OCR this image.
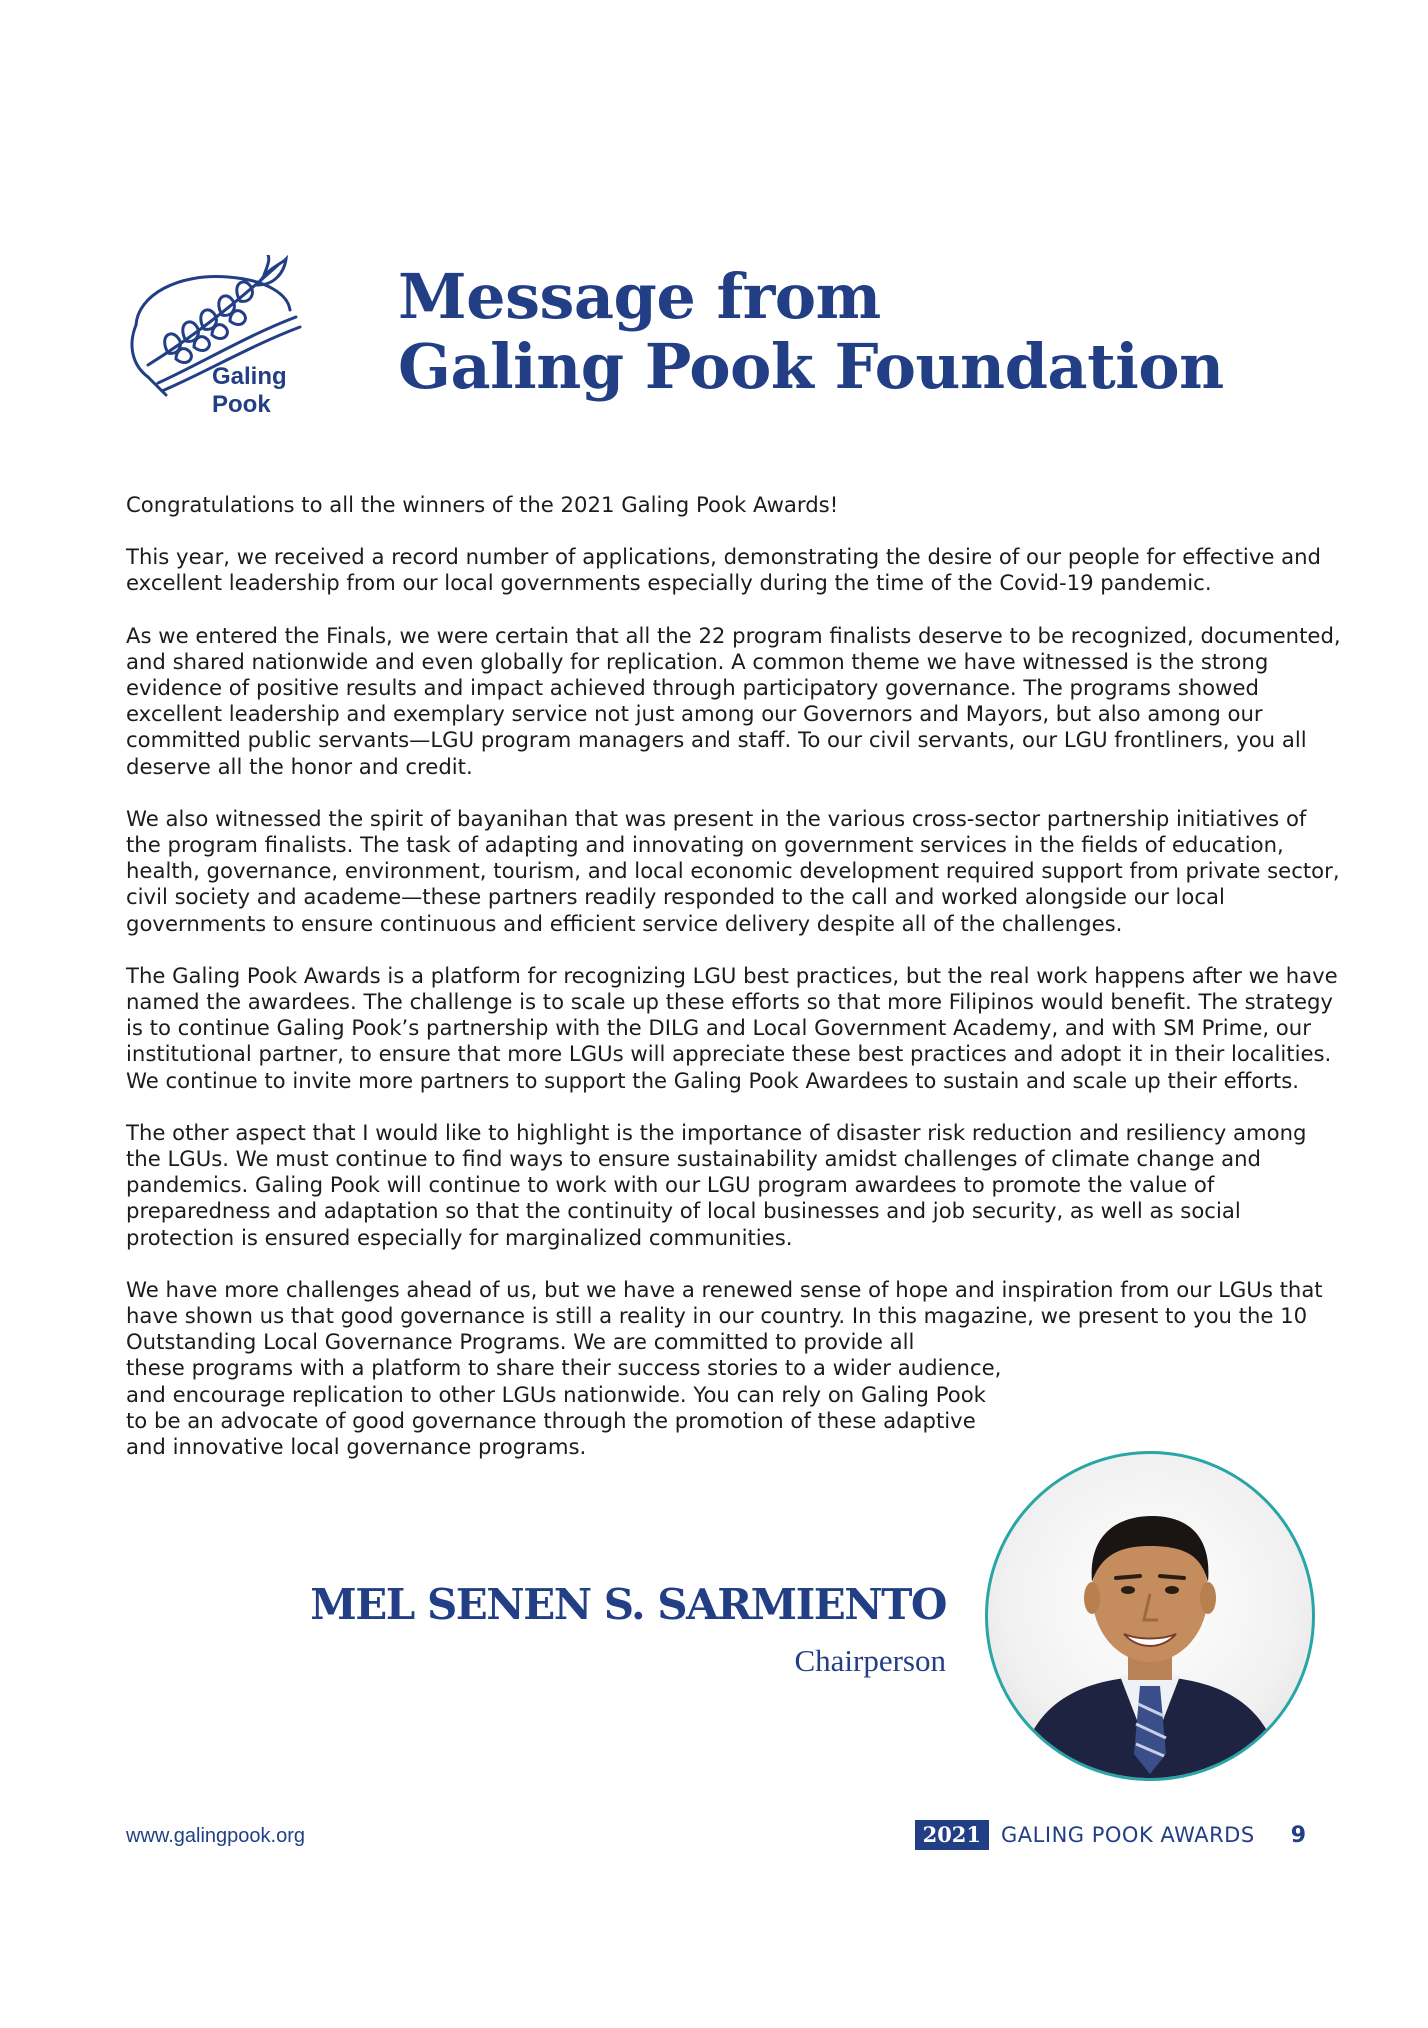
Galing Pook
Message from
Galing Pook Foundation

Congratulations to all the winners of the 2021 Galing Pook Awards!

This year, we received a record number of applications, demonstrating the desire of our people for effective and excellent leadership from our local governments especially during the time of the Covid-19 pandemic.

As we entered the Finals, we were certain that all the 22 program finalists deserve to be recognized, documented, and shared nationwide and even globally for replication. A common theme we have witnessed is the strong evidence of positive results and impact achieved through participatory governance. The programs showed excellent leadership and exemplary service not just among our Governors and Mayors, but also among our committed public servants—LGU program managers and staff. To our civil servants, our LGU frontliners, you all deserve all the honor and credit.

We also witnessed the spirit of bayanihan that was present in the various cross-sector partnership initiatives of the program finalists. The task of adapting and innovating on government services in the fields of education, health, governance, environment, tourism, and local economic development required support from private sector, civil society and academe—these partners readily responded to the call and worked alongside our local governments to ensure continuous and efficient service delivery despite all of the challenges.

The Galing Pook Awards is a platform for recognizing LGU best practices, but the real work happens after we have named the awardees. The challenge is to scale up these efforts so that more Filipinos would benefit. The strategy is to continue Galing Pook’s partnership with the DILG and Local Government Academy, and with SM Prime, our institutional partner, to ensure that more LGUs will appreciate these best practices and adopt it in their localities. We continue to invite more partners to support the Galing Pook Awardees to sustain and scale up their efforts.

The other aspect that I would like to highlight is the importance of disaster risk reduction and resiliency among the LGUs. We must continue to find ways to ensure sustainability amidst challenges of climate change and pandemics. Galing Pook will continue to work with our LGU program awardees to promote the value of preparedness and adaptation so that the continuity of local businesses and job security, as well as social protection is ensured especially for marginalized communities.

We have more challenges ahead of us, but we have a renewed sense of hope and inspiration from our LGUs that have shown us that good governance is still a reality in our country. In this magazine, we present to you the 10 Outstanding Local Governance Programs. We are committed to provide all
these programs with a platform to share their success stories to a wider audience, and encourage replication to other LGUs nationwide. You can rely on Galing Pook to be an advocate of good governance through the promotion of these adaptive and innovative local governance programs.

MEL SENEN S. SARMIENTO
Chairperson
www.galingpook.org	2021 GALING POOK AWARDS 9
